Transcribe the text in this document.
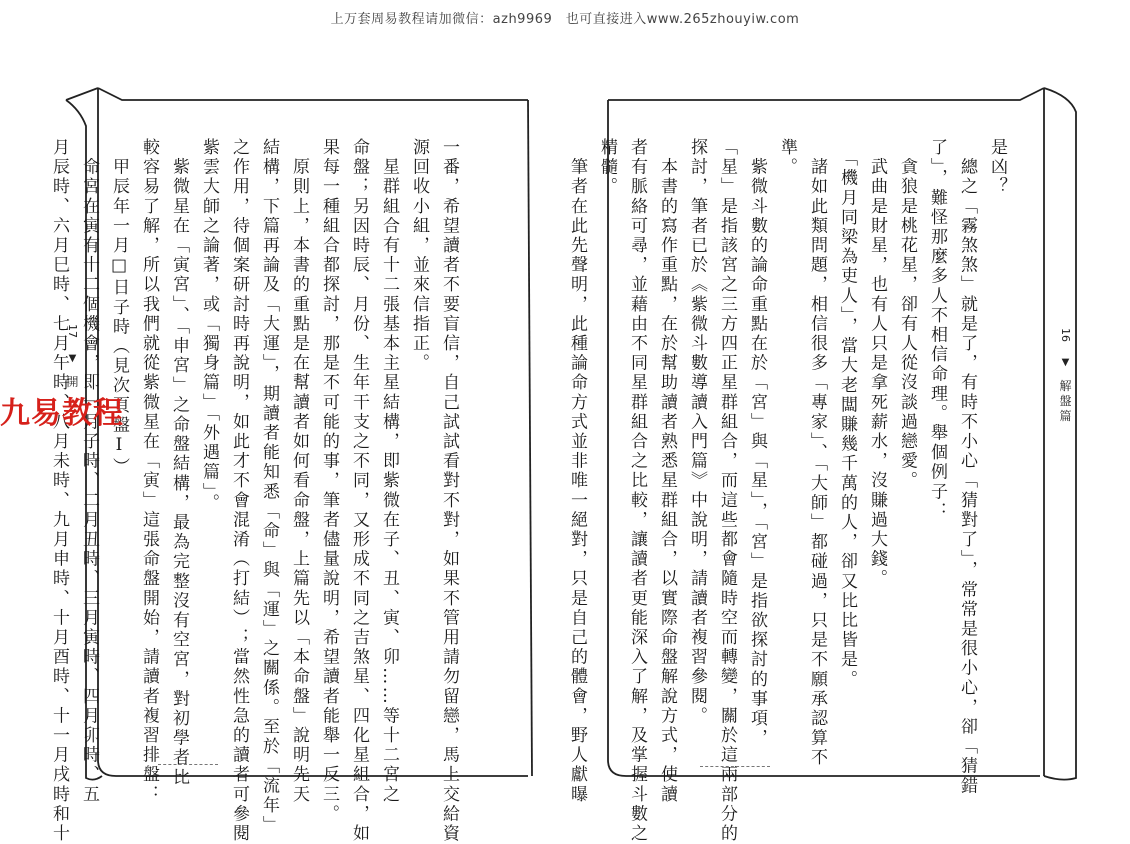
上万套周易教程请加微信：azh9969　也可直接进入www.265zhouyiw.com
17 ▼ 開	一番，希望讀者不要盲信，自己試試看對不對，如果不管用請勿留戀，馬上交給資

源回收小組，並來信指正。

　星群組合有十二張基本主星結構，即紫微在子、丑、寅、卯……等十二宮之

命盤；另因時辰、月份、生年干支之不同，又形成不同之吉煞星、四化星組合，如

果每一種組合都探討，那是不可能的事，筆者儘量說明，希望讀者能舉一反三。

　原則上，本書的重點是在幫讀者如何看命盤，上篇先以「本命盤」說明先天

結構，下篇再論及「大運」，期讀者能知悉「命」與「運」之關係。至於「流年」

之作用，待個案研討時再說明，如此才不會混淆（打結）；當然性急的讀者可參閱

紫雲大師之論著，或「獨身篇」「外遇篇」。

　紫微星在「寅宮」、「申宮」之命盤結構，最為完整沒有空宮，對初學者比

較容易了解，所以我們就從紫微星在「寅」這張命盤開始，請讀者複習排盤：

　甲辰年一月□日子時（見次頁盤Ⅰ）

　命宮在寅有十二個機會，即一月子時、二月丑時、三月寅時、四月卯時、五

月辰時、六月巳時、七月午時、八月未時、九月申時、十月酉時、十一月戌時和十	16 ▼ 解盤篇

是凶？

　總之「霧煞煞」就是了，有時不小心「猜對了」，常常是很小心，卻「猜錯

了」，難怪那麼多人不相信命理。舉個例子：

　貪狼是桃花星，卻有人從沒談過戀愛。

　武曲是財星，也有人只是拿死薪水，沒賺過大錢。

　「機月同梁為吏人」，當大老闆賺幾千萬的人，卻又比比皆是。

　諸如此類問題，相信很多「專家」、「大師」都碰過，只是不願承認算不

準。

　紫微斗數的論命重點在於「宮」與「星」，「宮」是指欲探討的事項，

「星」是指該宮之三方四正星群組合，而這些都會隨時空而轉變，關於這兩部分的

探討，筆者已於《紫微斗數導讀入門篇》中說明，請讀者複習參閱。

　本書的寫作重點，在於幫助讀者熟悉星群組合，以實際命盤解說方式，使讀

者有脈絡可尋，並藉由不同星群組合之比較，讓讀者更能深入了解，及掌握斗數之

精髓。

　筆者在此先聲明，此種論命方式並非唯一絕對，只是自己的體會，野人獻曝

九易教程
